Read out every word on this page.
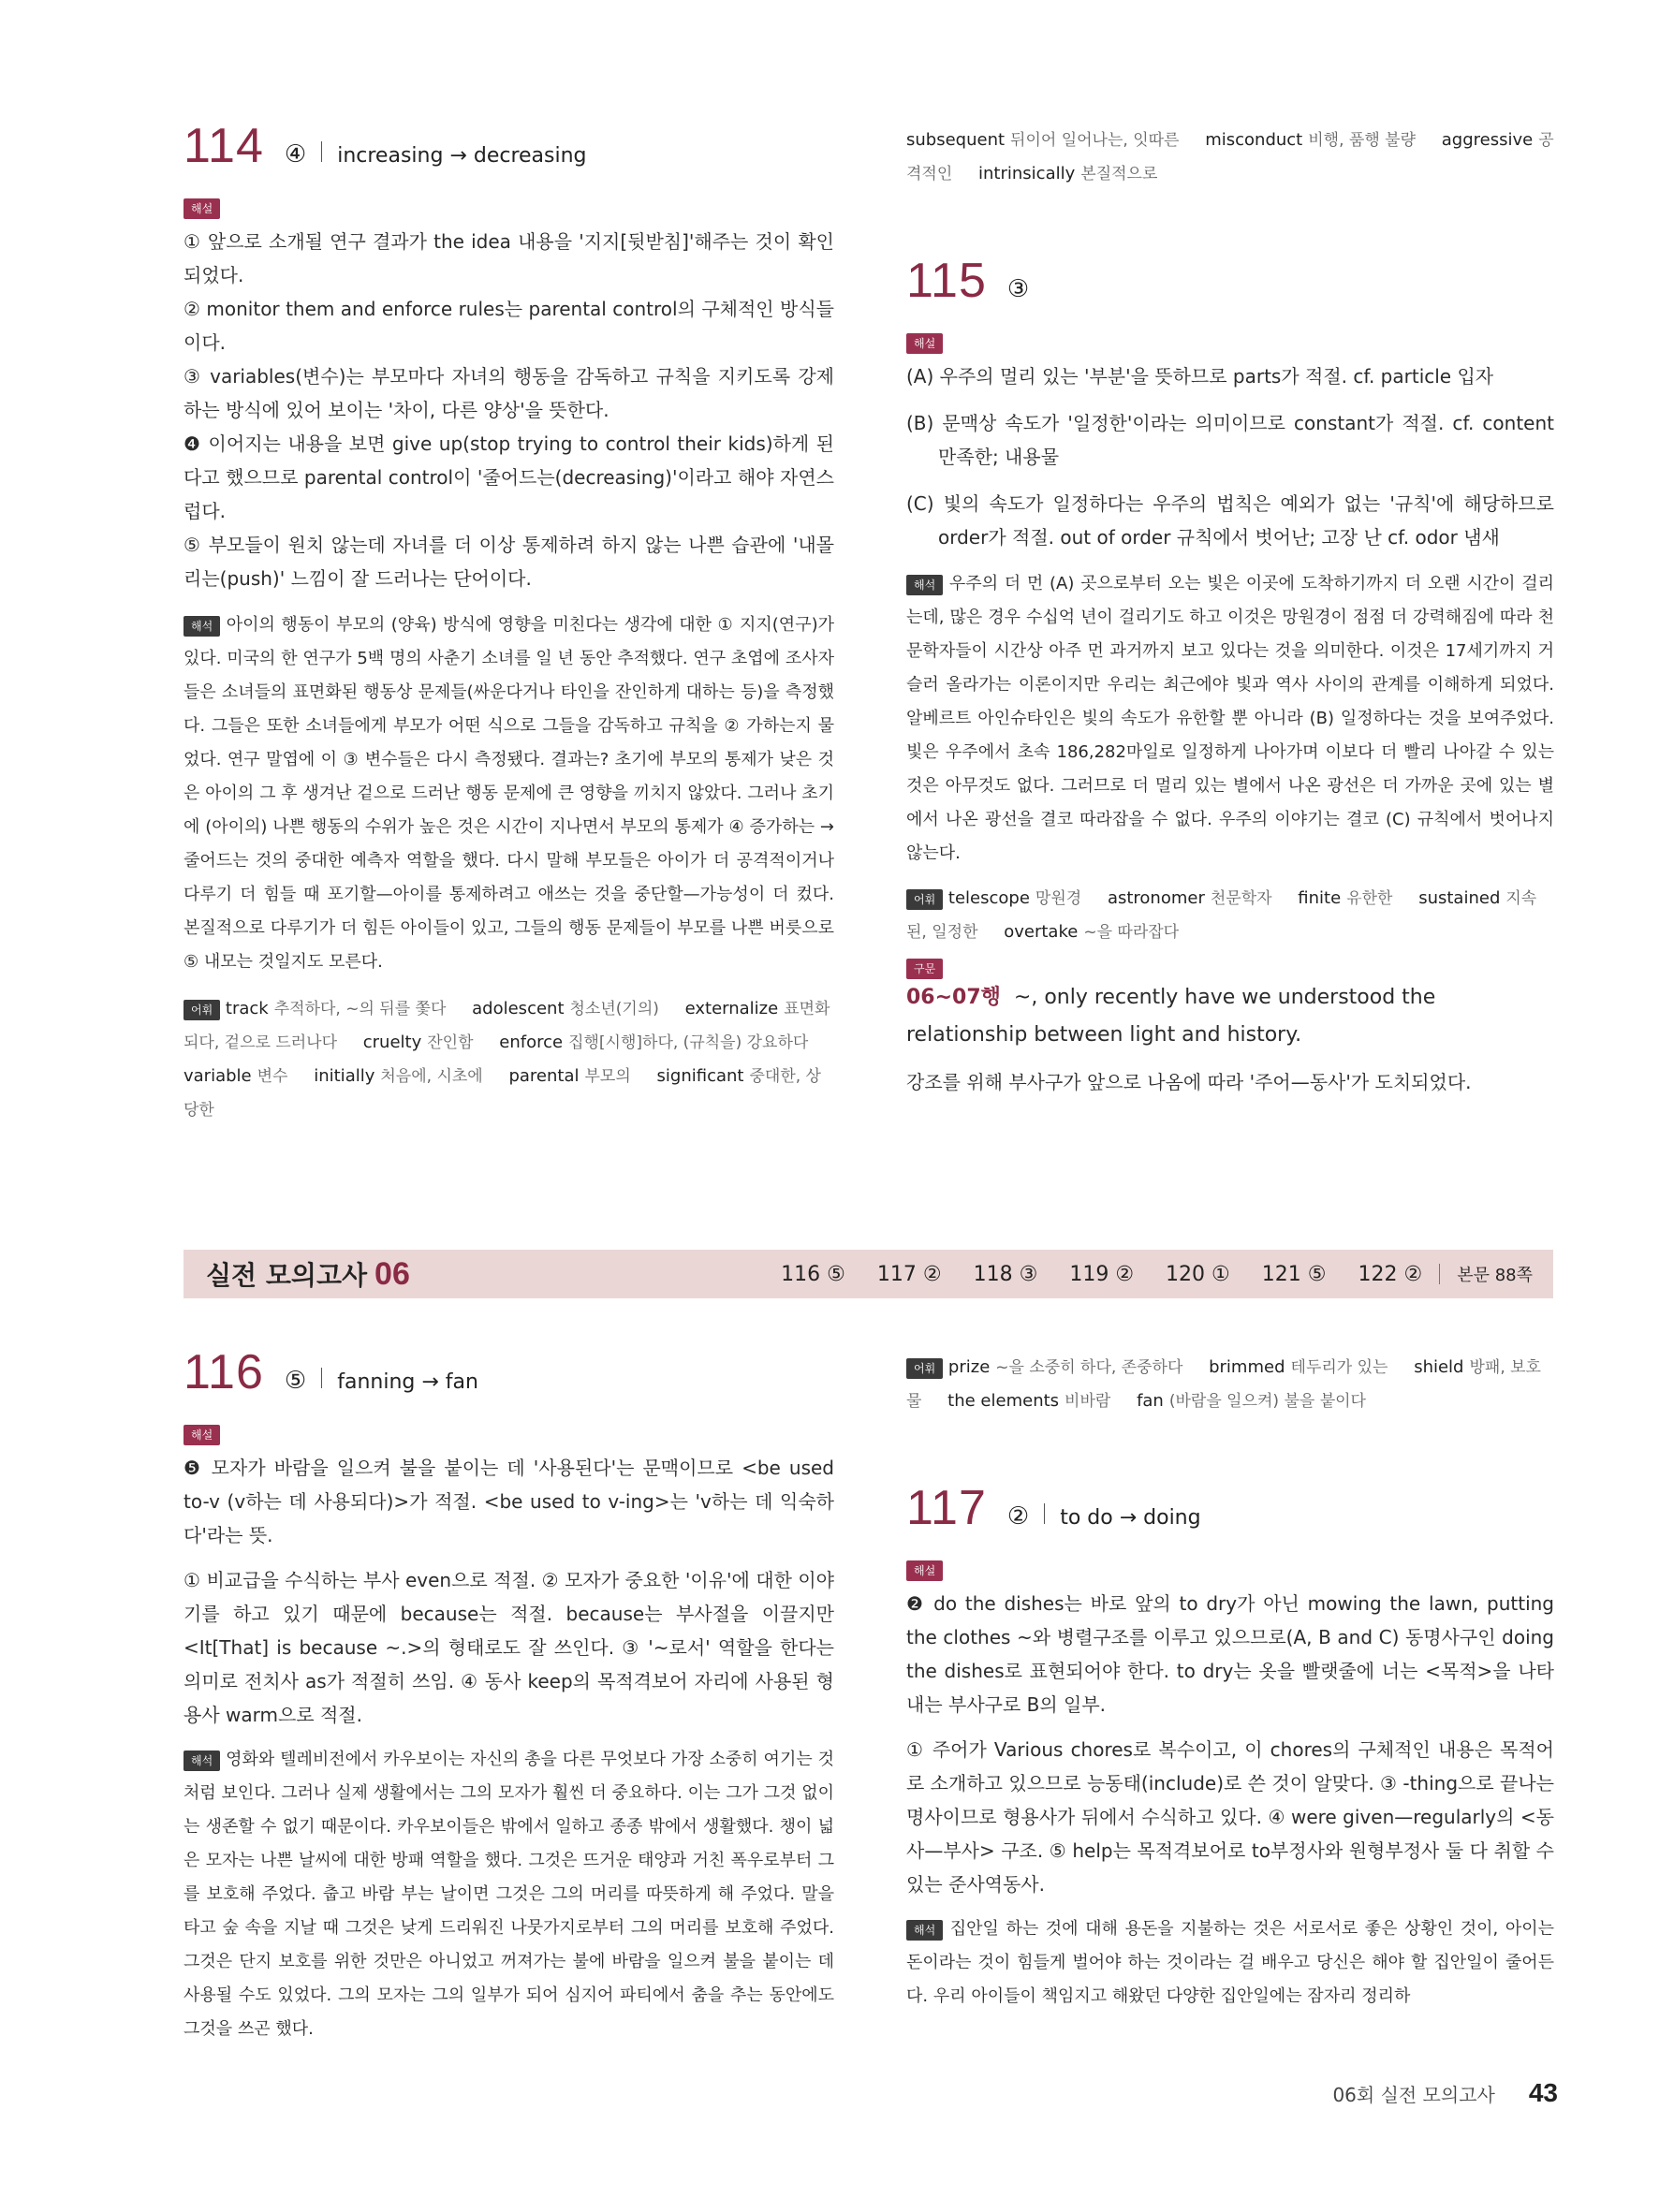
114 ④ increasing → decreasing
해설

① 앞으로 소개될 연구 결과가 the idea 내용을 '지지[뒷받침]'해주는 것이 확인되었다.

② monitor them and enforce rules는 parental control의 구체적인 방식들이다.

③ variables(변수)는 부모마다 자녀의 행동을 감독하고 규칙을 지키도록 강제하는 방식에 있어 보이는 '차이, 다른 양상'을 뜻한다.

❹ 이어지는 내용을 보면 give up(stop trying to control their kids)하게 된다고 했으므로 parental control이 '줄어드는(decreasing)'이라고 해야 자연스럽다.

⑤ 부모들이 원치 않는데 자녀를 더 이상 통제하려 하지 않는 나쁜 습관에 '내몰리는(push)' 느낌이 잘 드러나는 단어이다.

해석 아이의 행동이 부모의 (양육) 방식에 영향을 미친다는 생각에 대한 ① 지지(연구)가 있다. 미국의 한 연구가 5백 명의 사춘기 소녀를 일 년 동안 추적했다. 연구 초엽에 조사자들은 소녀들의 표면화된 행동상 문제들(싸운다거나 타인을 잔인하게 대하는 등)을 측정했다. 그들은 또한 소녀들에게 부모가 어떤 식으로 그들을 감독하고 규칙을 ② 가하는지 물었다. 연구 말엽에 이 ③ 변수들은 다시 측정됐다. 결과는? 초기에 부모의 통제가 낮은 것은 아이의 그 후 생겨난 겉으로 드러난 행동 문제에 큰 영향을 끼치지 않았다. 그러나 초기에 (아이의) 나쁜 행동의 수위가 높은 것은 시간이 지나면서 부모의 통제가 ④ 증가하는 → 줄어드는 것의 중대한 예측자 역할을 했다. 다시 말해 부모들은 아이가 더 공격적이거나 다루기 더 힘들 때 포기할—아이를 통제하려고 애쓰는 것을 중단할—가능성이 더 컸다. 본질적으로 다루기가 더 힘든 아이들이 있고, 그들의 행동 문제들이 부모를 나쁜 버릇으로 ⑤ 내모는 것일지도 모른다.

어휘 track 추적하다, ~의 뒤를 쫓다 adolescent 청소년(기의) externalize 표면화되다, 겉으로 드러나다 cruelty 잔인함 enforce 집행[시행]하다, (규칙을) 강요하다 variable 변수 initially 처음에, 시초에 parental 부모의 significant 중대한, 상당한
subsequent 뒤이어 일어나는, 잇따른 misconduct 비행, 품행 불량 aggressive 공격적인 intrinsically 본질적으로
115 ③
해설

(A) 우주의 멀리 있는 '부분'을 뜻하므로 parts가 적절. cf. particle 입자

(B) 문맥상 속도가 '일정한'이라는 의미이므로 constant가 적절. cf. content 만족한; 내용물

(C) 빛의 속도가 일정하다는 우주의 법칙은 예외가 없는 '규칙'에 해당하므로 order가 적절. out of order 규칙에서 벗어난; 고장 난 cf. odor 냄새

해석 우주의 더 먼 (A) 곳으로부터 오는 빛은 이곳에 도착하기까지 더 오랜 시간이 걸리는데, 많은 경우 수십억 년이 걸리기도 하고 이것은 망원경이 점점 더 강력해짐에 따라 천문학자들이 시간상 아주 먼 과거까지 보고 있다는 것을 의미한다. 이것은 17세기까지 거슬러 올라가는 이론이지만 우리는 최근에야 빛과 역사 사이의 관계를 이해하게 되었다. 알베르트 아인슈타인은 빛의 속도가 유한할 뿐 아니라 (B) 일정하다는 것을 보여주었다. 빛은 우주에서 초속 186,282마일로 일정하게 나아가며 이보다 더 빨리 나아갈 수 있는 것은 아무것도 없다. 그러므로 더 멀리 있는 별에서 나온 광선은 더 가까운 곳에 있는 별에서 나온 광선을 결코 따라잡을 수 없다. 우주의 이야기는 결코 (C) 규칙에서 벗어나지 않는다.

어휘 telescope 망원경 astronomer 천문학자 finite 유한한 sustained 지속된, 일정한 overtake ~을 따라잡다
구문
06~07행 ~, only recently have we understood the relationship between light and history.

강조를 위해 부사구가 앞으로 나옴에 따라 '주어—동사'가 도치되었다.

실전 모의고사 06	116 ⑤ 117 ② 118 ③ 119 ② 120 ① 121 ⑤ 122 ② 본문 88쪽
116 ⑤ fanning → fan
해설

❺ 모자가 바람을 일으켜 불을 붙이는 데 '사용된다'는 문맥이므로 <be used to-v (v하는 데 사용되다)>가 적절. <be used to v-ing>는 'v하는 데 익숙하다'라는 뜻.

① 비교급을 수식하는 부사 even으로 적절. ② 모자가 중요한 '이유'에 대한 이야기를 하고 있기 때문에 because는 적절. because는 부사절을 이끌지만 <It[That] is because ~.>의 형태로도 잘 쓰인다. ③ '~로서' 역할을 한다는 의미로 전치사 as가 적절히 쓰임. ④ 동사 keep의 목적격보어 자리에 사용된 형용사 warm으로 적절.

해석 영화와 텔레비전에서 카우보이는 자신의 총을 다른 무엇보다 가장 소중히 여기는 것처럼 보인다. 그러나 실제 생활에서는 그의 모자가 훨씬 더 중요하다. 이는 그가 그것 없이는 생존할 수 없기 때문이다. 카우보이들은 밖에서 일하고 종종 밖에서 생활했다. 챙이 넓은 모자는 나쁜 날씨에 대한 방패 역할을 했다. 그것은 뜨거운 태양과 거친 폭우로부터 그를 보호해 주었다. 춥고 바람 부는 날이면 그것은 그의 머리를 따뜻하게 해 주었다. 말을 타고 숲 속을 지날 때 그것은 낮게 드리워진 나뭇가지로부터 그의 머리를 보호해 주었다. 그것은 단지 보호를 위한 것만은 아니었고 꺼져가는 불에 바람을 일으켜 불을 붙이는 데 사용될 수도 있었다. 그의 모자는 그의 일부가 되어 심지어 파티에서 춤을 추는 동안에도 그것을 쓰곤 했다.

어휘 prize ~을 소중히 하다, 존중하다 brimmed 테두리가 있는 shield 방패, 보호물 the elements 비바람 fan (바람을 일으켜) 불을 붙이다
117 ② to do → doing
해설

❷ do the dishes는 바로 앞의 to dry가 아닌 mowing the lawn, putting the clothes ~와 병렬구조를 이루고 있으므로(A, B and C) 동명사구인 doing the dishes로 표현되어야 한다. to dry는 옷을 빨랫줄에 너는 <목적>을 나타내는 부사구로 B의 일부.

① 주어가 Various chores로 복수이고, 이 chores의 구체적인 내용은 목적어로 소개하고 있으므로 능동태(include)로 쓴 것이 알맞다. ③ -thing으로 끝나는 명사이므로 형용사가 뒤에서 수식하고 있다. ④ were given—regularly의 <동사—부사> 구조. ⑤ help는 목적격보어로 to부정사와 원형부정사 둘 다 취할 수 있는 준사역동사.

해석 집안일 하는 것에 대해 용돈을 지불하는 것은 서로서로 좋은 상황인 것이, 아이는 돈이라는 것이 힘들게 벌어야 하는 것이라는 걸 배우고 당신은 해야 할 집안일이 줄어든다. 우리 아이들이 책임지고 해왔던 다양한 집안일에는 잠자리 정리하

06회 실전 모의고사 43
